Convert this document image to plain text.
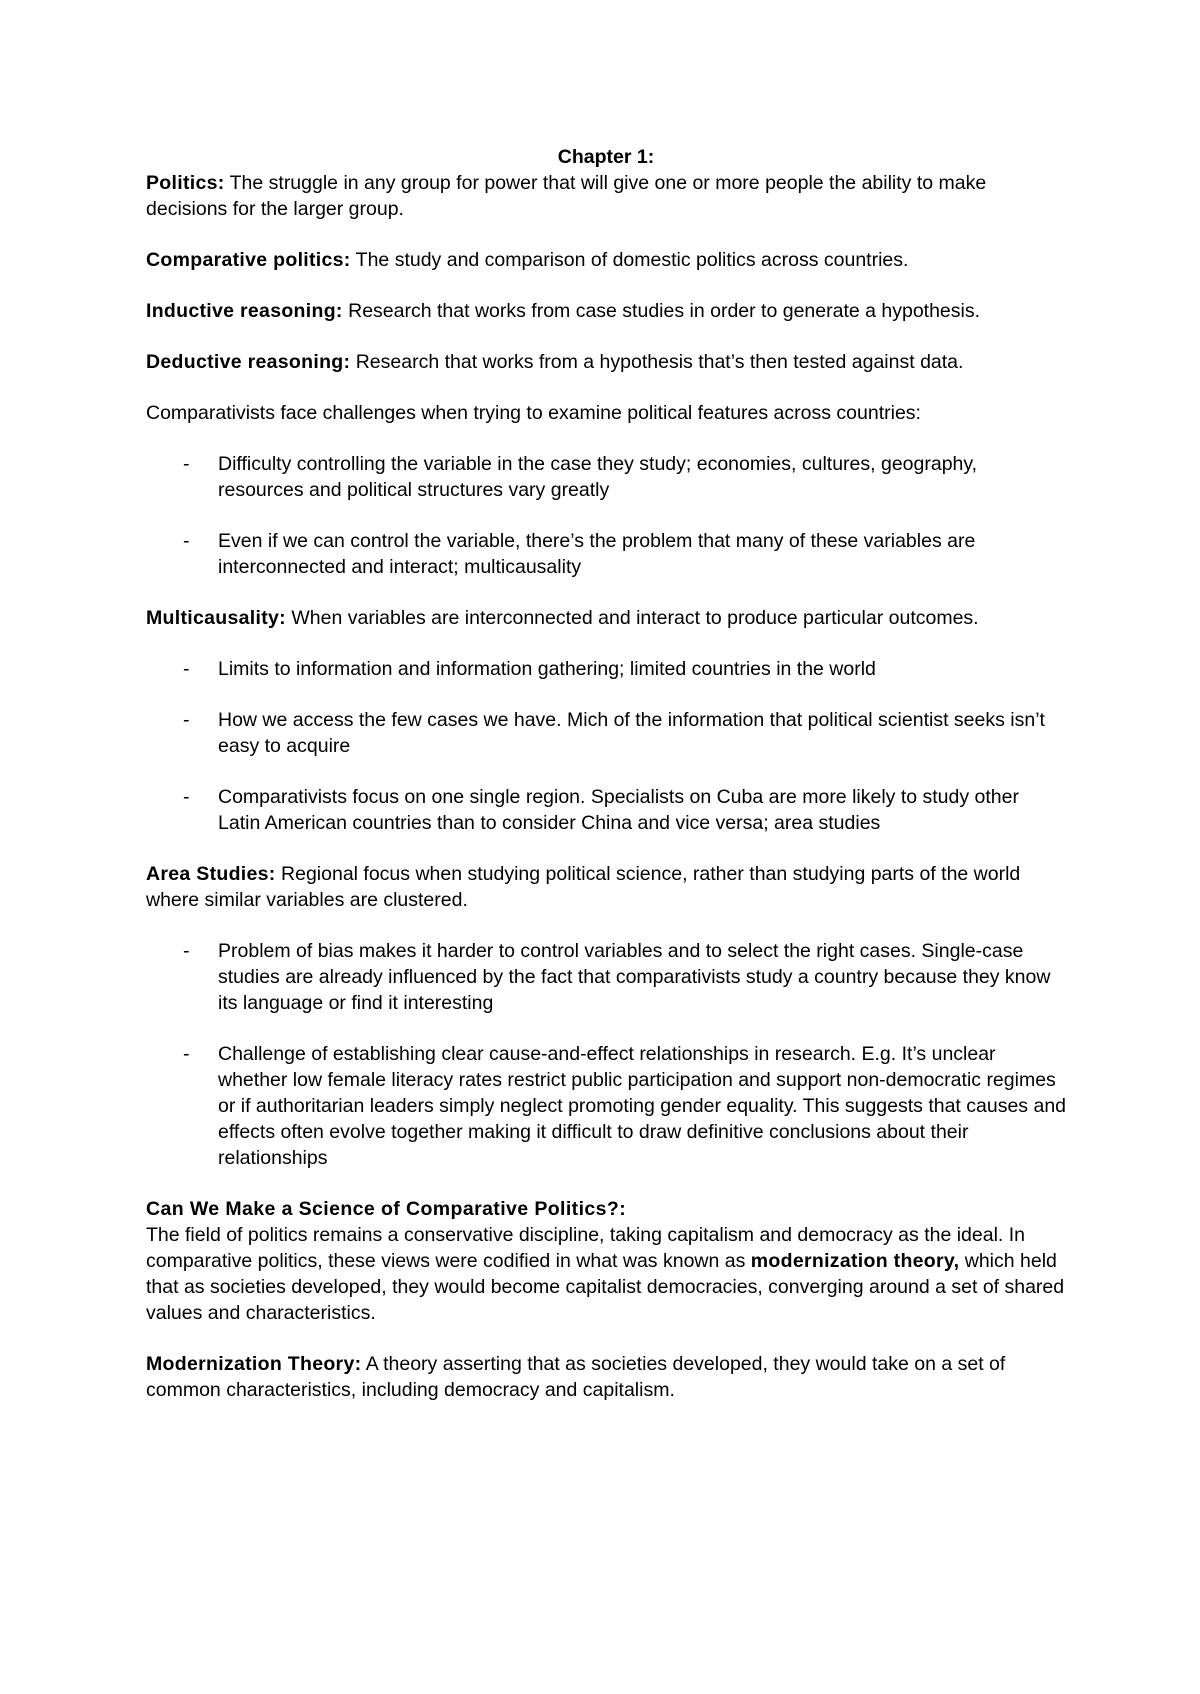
Chapter 1:

Politics: The struggle in any group for power that will give one or more people the ability to make decisions for the larger group.

Comparative politics: The study and comparison of domestic politics across countries.

Inductive reasoning: Research that works from case studies in order to generate a hypothesis.

Deductive reasoning: Research that works from a hypothesis that’s then tested against data.

Comparativists face challenges when trying to examine political features across countries:

-	Difficulty controlling the variable in the case they study; economies, cultures, geography, resources and political structures vary greatly
-	Even if we can control the variable, there’s the problem that many of these variables are interconnected and interact; multicausality

Multicausality: When variables are interconnected and interact to produce particular outcomes.

-	Limits to information and information gathering; limited countries in the world
-	How we access the few cases we have. Mich of the information that political scientist seeks isn’t easy to acquire
-	Comparativists focus on one single region. Specialists on Cuba are more likely to study other Latin American countries than to consider China and vice versa; area studies

Area Studies: Regional focus when studying political science, rather than studying parts of the world where similar variables are clustered.

-	Problem of bias makes it harder to control variables and to select the right cases. Single-case studies are already influenced by the fact that comparativists study a country because they know its language or find it interesting
-	Challenge of establishing clear cause-and-effect relationships in research. E.g. It’s unclear whether low female literacy rates restrict public participation and support non-democratic regimes or if authoritarian leaders simply neglect promoting gender equality. This suggests that causes and effects often evolve together making it difficult to draw definitive conclusions about their relationships

Can We Make a Science of Comparative Politics?:

The field of politics remains a conservative discipline, taking capitalism and democracy as the ideal. In comparative politics, these views were codified in what was known as modernization theory, which held that as societies developed, they would become capitalist democracies, converging around a set of shared values and characteristics.

Modernization Theory: A theory asserting that as societies developed, they would take on a set of common characteristics, including democracy and capitalism.
